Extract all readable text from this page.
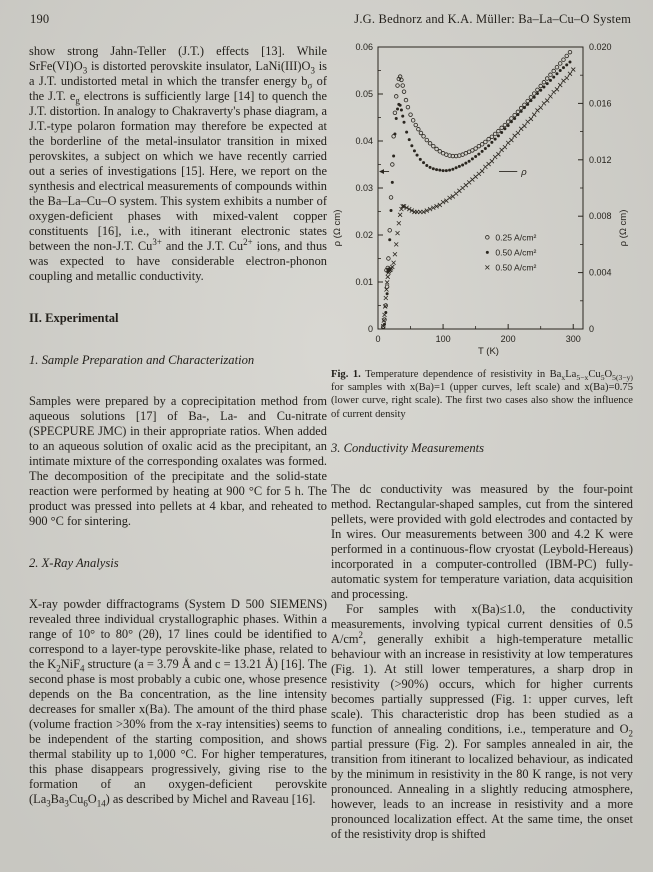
190	J.G. Bednorz and K.A. Müller: Ba–La–Cu–O System

show strong Jahn-Teller (J.T.) effects [13]. While $SrFe(VI)O_3$ is distorted perovskite insulator, $LaNi(III)O_3$ is a J.T. undistorted metal in which the transfer energy $b_\sigma$ of the J.T. $e_g$ electrons is sufficiently large [14] to quench the J.T. distortion. In analogy to Chakraverty's phase diagram, a J.T.-type polaron formation may therefore be expected at the borderline of the metal-insulator transition in mixed perovskites, a subject on which we have recently carried out a series of investigations [15]. Here, we report on the synthesis and electrical measurements of compounds within the Ba–La–Cu–O system. This system exhibits a number of oxygen-deficient phases with mixed-valent copper constituents [16], i.e., with itinerant electronic states between the non-J.T. $Cu^{3+}$ and the J.T. $Cu^{2+}$ ions, and thus was expected to have considerable electron-phonon coupling and metallic conductivity.

II. Experimental

1. Sample Preparation and Characterization

Samples were prepared by a coprecipitation method from aqueous solutions [17] of Ba-, La- and Cu-nitrate (SPECPURE JMC) in their appropriate ratios. When added to an aqueous solution of oxalic acid as the precipitant, an intimate mixture of the corresponding oxalates was formed. The decomposition of the precipitate and the solid-state reaction were performed by heating at 900 °C for 5 h. The product was pressed into pellets at 4 kbar, and reheated to 900 °C for sintering.

2. X-Ray Analysis

X-ray powder diffractograms (System D 500 SIEMENS) revealed three individual crystallographic phases. Within a range of 10° to 80° (2θ), 17 lines could be identified to correspond to a layer-type perovskite-like phase, related to the $K_2NiF_4$ structure (a = 3.79 Å and c = 13.21 Å) [16]. The second phase is most probably a cubic one, whose presence depends on the Ba concentration, as the line intensity decreases for smaller x(Ba). The amount of the third phase (volume fraction >30% from the x-ray intensities) seems to be independent of the starting composition, and shows thermal stability up to 1,000 °C. For higher temperatures, this phase disappears progressively, giving rise to the formation of an oxygen-deficient perovskite $(La_3Ba_3Cu_6O_{14})$ as described by Michel and Raveau [16].

0	100	200	300
T (K)
0
0.01
0.02
0.03
0.04
0.05
0.06
0
0.004
0.008
0.012
0.016
0.020
ρ (Ω cm)	ρ (Ω cm)
0.25 A/cm²
0.50 A/cm²
0.50 A/cm²
ρ

Fig. 1. Temperature dependence of resistivity in $Ba_xLa_{5-x}Cu_5O_{5(3-y)}$ for samples with x(Ba)=1 (upper curves, left scale) and x(Ba)=0.75 (lower curve, right scale). The first two cases also show the influence of current density

3. Conductivity Measurements

The dc conductivity was measured by the four-point method. Rectangular-shaped samples, cut from the sintered pellets, were provided with gold electrodes and contacted by In wires. Our measurements between 300 and 4.2 K were performed in a continuous-flow cryostat (Leybold-Hereaus) incorporated in a computer-controlled (IBM-PC) fully-automatic system for temperature variation, data acquisition and processing.

For samples with x(Ba)≤1.0, the conductivity measurements, involving typical current densities of 0.5 $A/cm^2$, generally exhibit a high-temperature metallic behaviour with an increase in resistivity at low temperatures (Fig. 1). At still lower temperatures, a sharp drop in resistivity (>90%) occurs, which for higher currents becomes partially suppressed (Fig. 1: upper curves, left scale). This characteristic drop has been studied as a function of annealing conditions, i.e., temperature and $O_2$ partial pressure (Fig. 2). For samples annealed in air, the transition from itinerant to localized behaviour, as indicated by the minimum in resistivity in the 80 K range, is not very pronounced. Annealing in a slightly reducing atmosphere, however, leads to an increase in resistivity and a more pronounced localization effect. At the same time, the onset of the resistivity drop is shifted
